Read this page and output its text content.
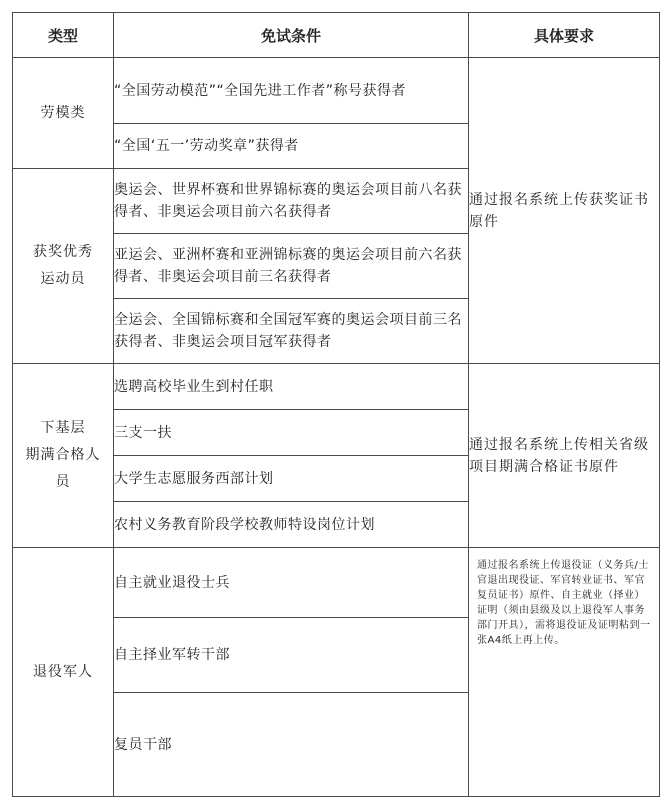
类型	免试条件	具体要求
劳模类	“全国劳动模范”“全国先进工作者”称号获得者	通过报名系统上传获奖证书原件

	“全国‘五一’劳动奖章”获得者	

获奖优秀
运动员	奥运会、世界杯赛和世界锦标赛的奥运会项目前八名获得者、非奥运会项目前六名获得者	
	亚运会、亚洲杯赛和亚洲锦标赛的奥运会项目前六名获得者、非奥运会项目前三名获得者	
	全运会、全国锦标赛和全国冠军赛的奥运会项目前三名获得者、非奥运会项目冠军获得者	

下基层
期满合格人
员	选聘高校毕业生到村任职	通过报名系统上传相关省级项目期满合格证书原件

	三支一扶	
	大学生志愿服务西部计划	
	农村义务教育阶段学校教师特设岗位计划	
退役军人	自主就业退役士兵	通过报名系统上传退役证（义务兵/士官退出现役证、军官转业证书、军官复员证书）原件、自主就业（择业）证明（须由县级及以上退役军人事务部门开具），需将退役证及证明粘到一张A4纸上再上传。

	自主择业军转干部	
	复员干部	
